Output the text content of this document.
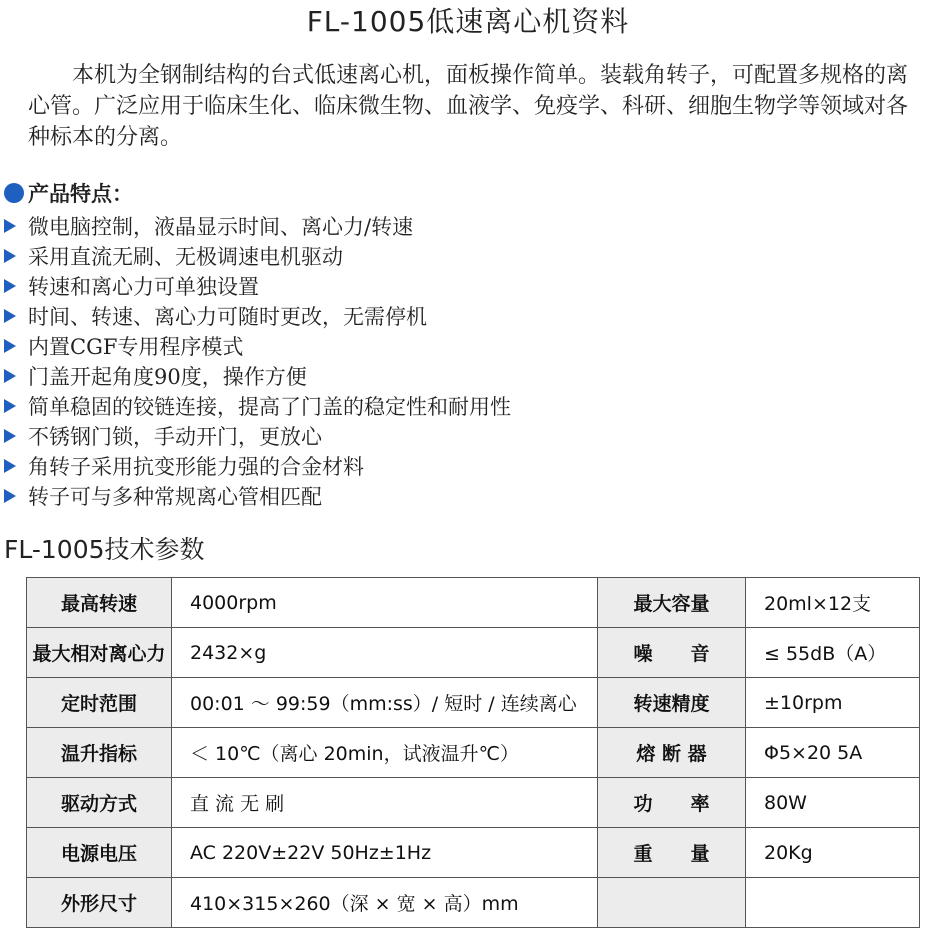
FL-1005低速离心机资料

本机为全钢制结构的台式低速离心机，面板操作简单。装载角转子，可配置多规格的离心管。广泛应用于临床生化、临床微生物、血液学、免疫学、科研、细胞生物学等领域对各种标本的分离。

产品特点：
微电脑控制，液晶显示时间、离心力/转速
采用直流无刷、无极调速电机驱动
转速和离心力可单独设置
时间、转速、离心力可随时更改，无需停机
内置CGF专用程序模式
门盖开起角度90度，操作方便
简单稳固的铰链连接，提高了门盖的稳定性和耐用性
不锈钢门锁，手动开门，更放心
角转子采用抗变形能力强的合金材料
转子可与多种常规离心管相匹配
FL-1005技术参数
最高转速	4000rpm	最大容量	20ml×12支
最大相对离心力	2432×g	噪　　音	≤ 55dB（A）
定时范围	00:01 ～ 99:59（mm:ss）/ 短时 / 连续离心	转速精度	±10rpm
温升指标	＜ 10℃（离心 20min，试液温升℃）	熔 断 器	Φ5×20 5A
驱动方式	直 流 无 刷	功　　率	80W
电源电压	AC 220V±22V 50Hz±1Hz	重　　量	20Kg
外形尺寸	410×315×260（深 × 宽 × 高）mm		
